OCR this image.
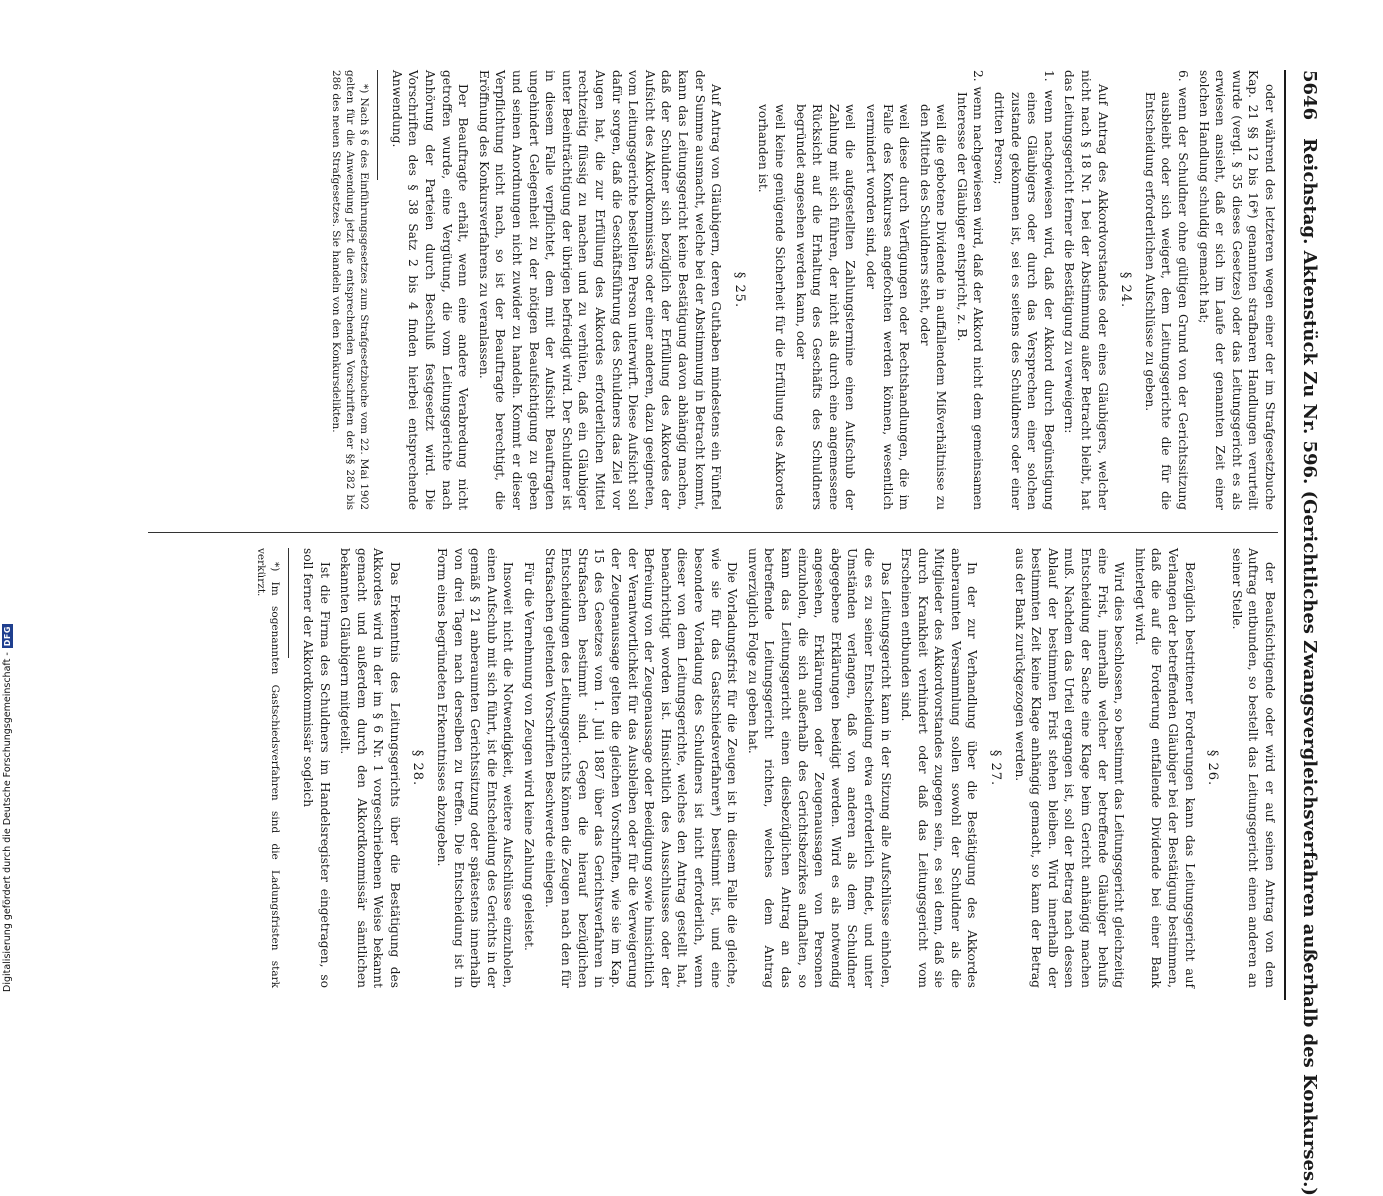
5646
Reichstag. Aktenstück Zu Nr. 596. (Gerichtliches Zwangsvergleichsverfahren außerhalb des Konkurses.)

oder während des letzteren wegen einer der im Strafgesetzbuche Kap. 21 §§ 12 bis 16*) genannten strafbaren Handlungen verurteilt wurde (vergl. § 35 dieses Gesetzes) oder das Leitungsgericht es als erwiesen ansieht, daß er sich im Laufe der genannten Zeit einer solchen Handlung schuldig gemacht hat;

6. wenn der Schuldner ohne gültigen Grund von der Gerichtssitzung ausbleibt oder sich weigert, dem Leitungsgerichte die für die Entscheidung erforderlichen Aufschlüsse zu geben.

§ 24.

Auf Antrag des Akkordvorstandes oder eines Gläubigers, welcher nicht nach § 18 Nr. 1 bei der Abstimmung außer Betracht bleibt, hat das Leitungsgericht ferner die Bestätigung zu verweigern:

1. wenn nachgewiesen wird, daß der Akkord durch Begünstigung eines Gläubigers oder durch das Versprechen einer solchen zustande gekommen ist, sei es seitens des Schuldners oder einer dritten Person;

2. wenn nachgewiesen wird, daß der Akkord nicht dem gemeinsamen Interesse der Gläubiger entspricht, z. B.

weil die gebotene Dividende in auffallendem Mißverhältnisse zu den Mitteln des Schuldners steht, oder

weil diese durch Verfügungen oder Rechtshandlungen, die im Falle des Konkurses angefochten werden können, wesentlich vermindert worden sind, oder

weil die aufgestellten Zahlungstermine einen Aufschub der Zahlung mit sich führen, der nicht als durch eine angemessene Rücksicht auf die Erhaltung des Geschäfts des Schuldners begründet angesehen werden kann, oder

weil keine genügende Sicherheit für die Erfüllung des Akkordes vorhanden ist.

§ 25.

Auf Antrag von Gläubigern, deren Guthaben mindestens ein Fünftel der Summe ausmacht, welche bei der Abstimmung in Betracht kommt, kann das Leitungsgericht keine Bestätigung davon abhängig machen, daß der Schuldner sich bezüglich der Erfüllung des Akkordes der Aufsicht des Akkordkommissärs oder einer anderen, dazu geeigneten, vom Leitungsgerichte bestellten Person unterwirft. Diese Aufsicht soll dafür sorgen, daß die Geschäftsführung des Schuldners das Ziel vor Augen hat, die zur Erfüllung des Akkordes erforderlichen Mittel rechtzeitig flüssig zu machen und zu verhüten, daß ein Gläubiger unter Beeinträchtigung der übrigen befriedigt wird. Der Schuldner ist in diesem Falle verpflichtet, dem mit der Aufsicht Beauftragten ungehindert Gelegenheit zu der nötigen Beaufsichtigung zu geben und seinen Anordnungen nicht zuwider zu handeln. Kommt er dieser Verpflichtung nicht nach, so ist der Beauftragte berechtigt, die Eröffnung des Konkursverfahrens zu veranlassen.

Der Beauftragte erhält, wenn eine andere Verabredung nicht getroffen wurde, eine Vergütung, die vom Leitungsgerichte nach Anhörung der Parteien durch Beschluß festgesetzt wird. Die Vorschriften des § 38 Satz 2 bis 4 finden hierbei entsprechende Anwendung.

*) Nach § 6 des Einführungsgesetzes zum Strafgesetzbuche vom 22. Mai 1902 gelten für die Anwendung jetzt die entsprechenden Vorschriften der §§ 282 bis 286 des neuen Strafgesetzes. Sie handeln von den Konkursdelikten.

der Beaufsichtigende oder wird er auf seinen Antrag von dem Auftrag entbunden, so bestellt das Leitungsgericht einen anderen an seiner Stelle.

§ 26.

Bezüglich bestrittener Forderungen kann das Leitungsgericht auf Verlangen der betreffenden Gläubiger bei der Bestätigung bestimmen, daß die auf die Forderung entfallende Dividende bei einer Bank hinterlegt wird.

Wird dies beschlossen, so bestimmt das Leitungsgericht gleichzeitig eine Frist, innerhalb welcher der betreffende Gläubiger behufs Entscheidung der Sache eine Klage beim Gericht anhängig machen muß. Nachdem das Urteil ergangen ist, soll der Betrag nach dessen Ablauf der bestimmten Frist stehen bleiben. Wird innerhalb der bestimmten Zeit keine Klage anhängig gemacht, so kann der Betrag aus der Bank zurückgezogen werden.

§ 27.

In der zur Verhandlung über die Bestätigung des Akkordes anberaumten Versammlung sollen sowohl der Schuldner als die Mitglieder des Akkordvorstandes zugegen sein, es sei denn, daß sie durch Krankheit verhindert oder daß das Leitungsgericht vom Erscheinen entbunden sind.

Das Leitungsgericht kann in der Sitzung alle Aufschlüsse einholen, die es zu seiner Entscheidung etwa erforderlich findet, und unter Umständen verlangen, daß von anderen als dem Schuldner abgegebene Erklärungen beeidigt werden. Wird es als notwendig angesehen, Erklärungen oder Zeugenaussagen von Personen einzuholen, die sich außerhalb des Gerichtsbezirkes aufhalten, so kann das Leitungsgericht einen diesbezüglichen Antrag an das betreffende Leitungsgericht richten, welches dem Antrag unverzüglich Folge zu geben hat.

Die Vorladungsfrist für die Zeugen ist in diesem Falle die gleiche, wie sie für das Gastschiedsverfahren*) bestimmt ist, und eine besondere Vorladung des Schuldners ist nicht erforderlich, wenn dieser von dem Leitungsgerichte, welches den Antrag gestellt hat, benachrichtigt worden ist. Hinsichtlich des Ausschlusses oder der Befreiung von der Zeugenaussage oder Beeidigung sowie hinsichtlich der Verantwortlichkeit für das Ausbleiben oder für die Verweigerung der Zeugenaussage gelten die gleichen Vorschriften, wie sie im Kap. 15 des Gesetzes vom 1. Juli 1887 über das Gerichtsverfahren in Strafsachen bestimmt sind. Gegen die hierauf bezüglichen Entscheidungen des Leitungsgerichts können die Zeugen nach den für Strafsachen geltenden Vorschriften Beschwerde einlegen.

Für die Vernehmung von Zeugen wird keine Zahlung geleistet.

Insoweit nicht die Notwendigkeit, weitere Aufschlüsse einzuholen, einen Aufschub mit sich führt, ist die Entscheidung des Gerichts in der gemäß § 21 anberaumten Gerichtssitzung oder spätestens innerhalb von drei Tagen nach derselben zu treffen. Die Entscheidung ist in Form eines begründeten Erkenntnisses abzugeben.

§ 28.

Das Erkenntnis des Leitungsgerichts über die Bestätigung des Akkordes wird in der im § 6 Nr. 1 vorgeschriebenen Weise bekannt gemacht und außerdem durch den Akkordkommissär sämtlichen bekannten Gläubigern mitgeteilt.

Ist die Firma des Schuldners im Handelsregister eingetragen, so soll ferner der Akkordkommissär sogleich

*) Im sogenannten Gastschiedsverfahren sind die Ladungsfristen stark verkürzt.

Digitalisierung gefördert durch die Deutsche Forschungsgemeinschaft -
DFG
